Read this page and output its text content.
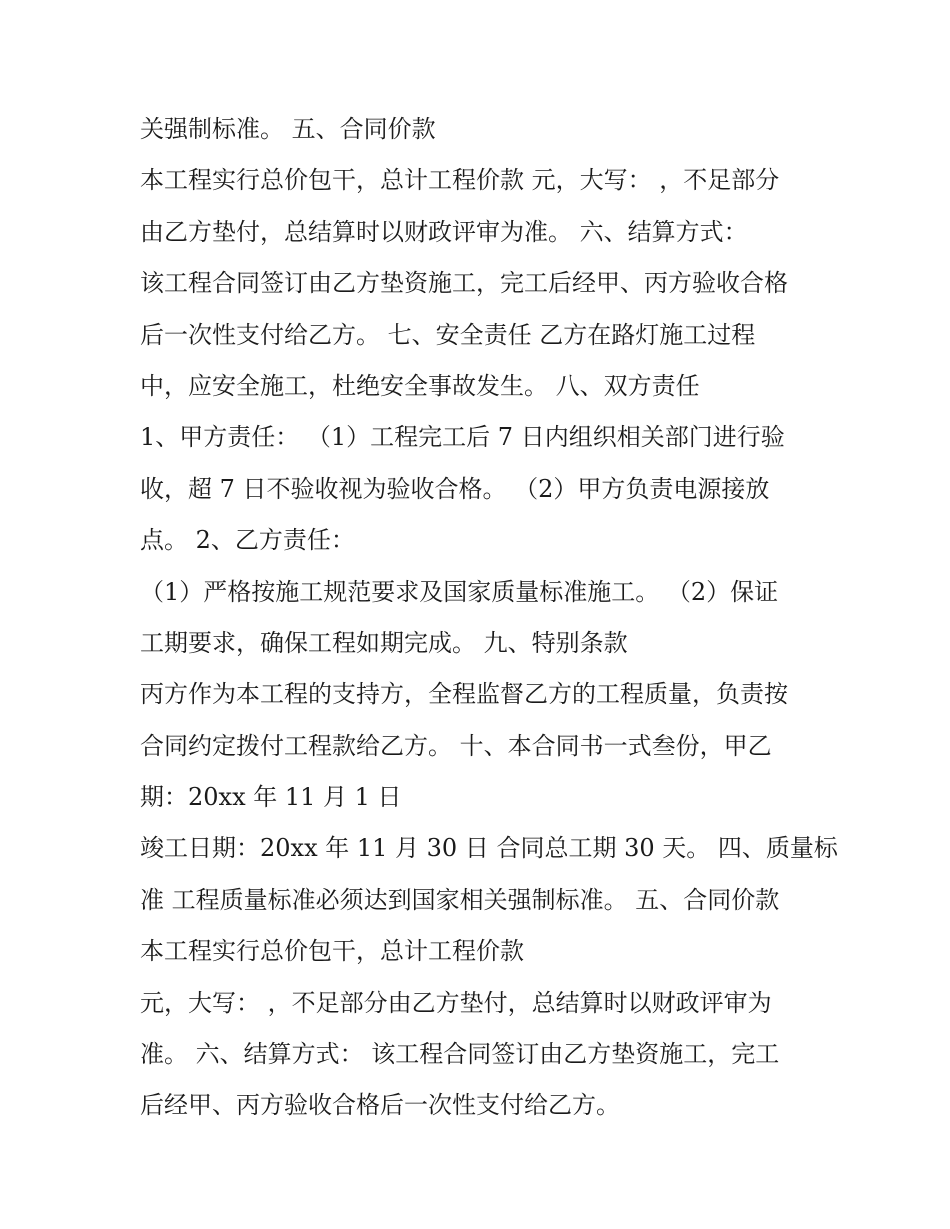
关强制标准。 五、合同价款

本工程实行总价包干，总计工程价款 元，大写： ，不足部分

由乙方垫付，总结算时以财政评审为准。 六、结算方式：

该工程合同签订由乙方垫资施工，完工后经甲、丙方验收合格

后一次性支付给乙方。 七、安全责任 乙方在路灯施工过程

中，应安全施工，杜绝安全事故发生。 八、双方责任

1、甲方责任： （1）工程完工后 7 日内组织相关部门进行验

收，超 7 日不验收视为验收合格。 （2）甲方负责电源接放

点。 2、乙方责任：

（1）严格按施工规范要求及国家质量标准施工。 （2）保证

工期要求，确保工程如期完成。 九、特别条款

丙方作为本工程的支持方，全程监督乙方的工程质量，负责按

合同约定拨付工程款给乙方。 十、本合同书一式叁份，甲乙

期：20xx 年 11 月 1 日

竣工日期：20xx 年 11 月 30 日 合同总工期 30 天。 四、质量标

准 工程质量标准必须达到国家相关强制标准。 五、合同价款

本工程实行总价包干，总计工程价款

元，大写： ，不足部分由乙方垫付，总结算时以财政评审为

准。 六、结算方式： 该工程合同签订由乙方垫资施工，完工

后经甲、丙方验收合格后一次性支付给乙方。
